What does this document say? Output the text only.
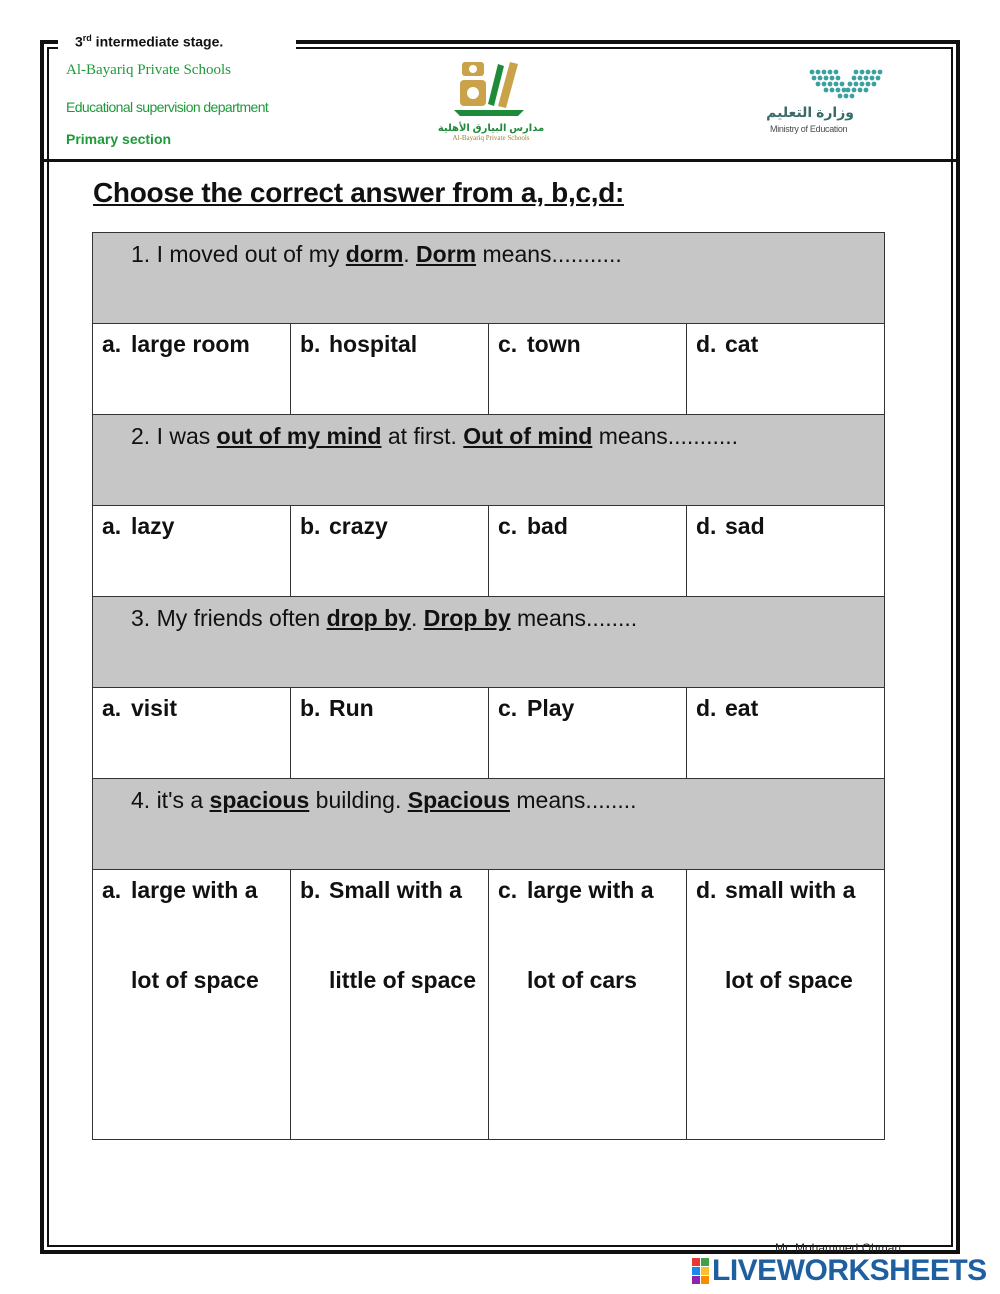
3rd intermediate stage.
Al-Bayariq Private Schools
Educational supervision department
Primary section
مدارس البيارق الأهلية
Al-Bayariq Private Schools
وزارة التعليم
Ministry of Education
Choose the correct answer from a, b,c,d:
1. I moved out of my dorm. Dorm means...........			

a. large room	b. hospital	c. town	d. cat

2. I was out of my mind at first. Out of mind means...........			

a. lazy	b. crazy	c. bad	d. sad

3. My friends often drop by. Drop by means........			

a. visit	b. Run	c. Play	d. eat

4. it's a spacious building. Spacious means........			

a. large with a lot of space	b. Small with a little of space	c. large with a lot of cars	d. small with a lot of space
Mr. Mohammed Ohman
LIVEWORKSHEETS
